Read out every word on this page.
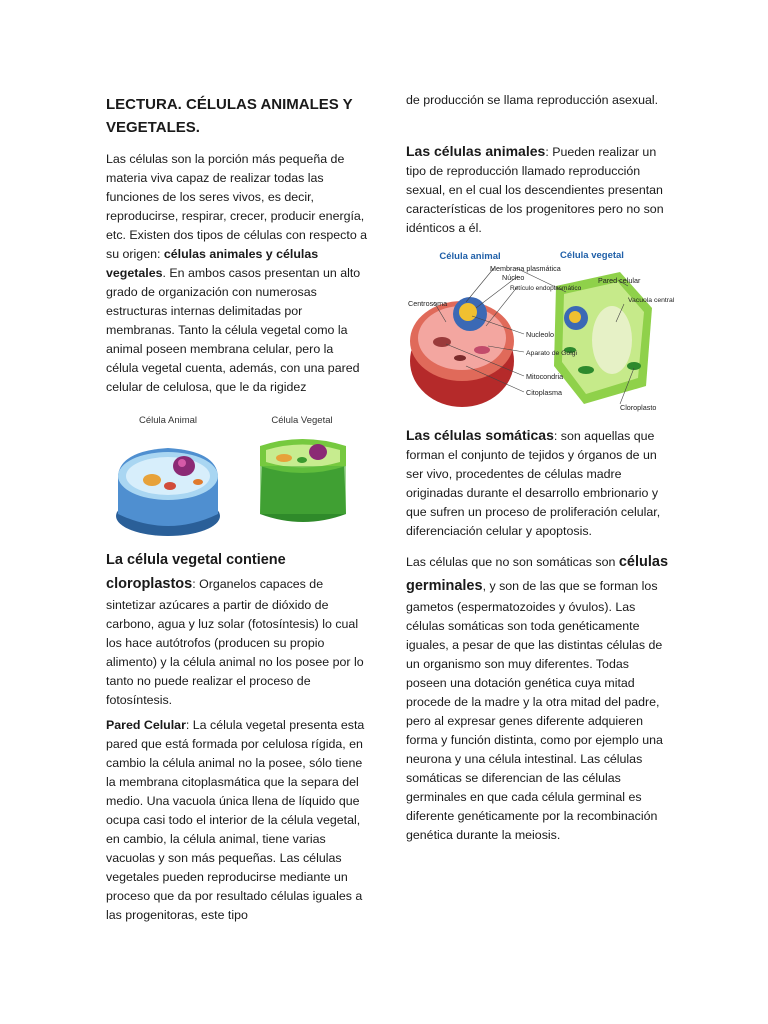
LECTURA. CÉLULAS ANIMALES Y VEGETALES.

Las células son la porción más pequeña de materia viva capaz de realizar todas las funciones de los seres vivos, es decir, reproducirse, respirar, crecer, producir energía, etc. Existen dos tipos de células con respecto a su origen: células animales y células vegetales. En ambos casos presentan un alto grado de organización con numerosas estructuras internas delimitadas por membranas. Tanto la célula vegetal como la animal poseen membrana celular, pero la célula vegetal cuenta, además, con una pared celular de celulosa, que le da rigidez

Célula Animal	Célula Vegetal

La célula vegetal contiene cloroplastos: Organelos capaces de sintetizar azúcares a partir de dióxido de carbono, agua y luz solar (fotosíntesis) lo cual los hace autótrofos (producen su propio alimento) y la célula animal no los posee por lo tanto no puede realizar el proceso de fotosíntesis.

Pared Celular: La célula vegetal presenta esta pared que está formada por celulosa rígida, en cambio la célula animal no la posee, sólo tiene la membrana citoplasmática que la separa del medio. Una vacuola única llena de líquido que ocupa casi todo el interior de la célula vegetal, en cambio, la célula animal, tiene varias vacuolas y son más pequeñas. Las células vegetales pueden reproducirse mediante un proceso que da por resultado células iguales a las progenitoras, este tipo

de producción se llama reproducción asexual.

Las células animales: Pueden realizar un tipo de reproducción llamado reproducción sexual, en el cual los descendientes presentan características de los progenitores pero no son idénticos a él.

Célula animal	Célula vegetal
Membrana plasmática
Núcleo
Retículo endoplasmático
Centrosoma
Pared celular
Vacuola central
Nucleolo
Aparato de Golgi
Mitocondria
Citoplasma
Cloroplasto

Las células somáticas: son aquellas que forman el conjunto de tejidos y órganos de un ser vivo, procedentes de células madre originadas durante el desarrollo embrionario y que sufren un proceso de proliferación celular, diferenciación celular y apoptosis.

Las células que no son somáticas son células germinales, y son de las que se forman los gametos (espermatozoides y óvulos). Las células somáticas son toda genéticamente iguales, a pesar de que las distintas células de un organismo son muy diferentes. Todas poseen una dotación genética cuya mitad procede de la madre y la otra mitad del padre, pero al expresar genes diferente adquieren forma y función distinta, como por ejemplo una neurona y una célula intestinal. Las células somáticas se diferencian de las células germinales en que cada célula germinal es diferente genéticamente por la recombinación genética durante la meiosis.
